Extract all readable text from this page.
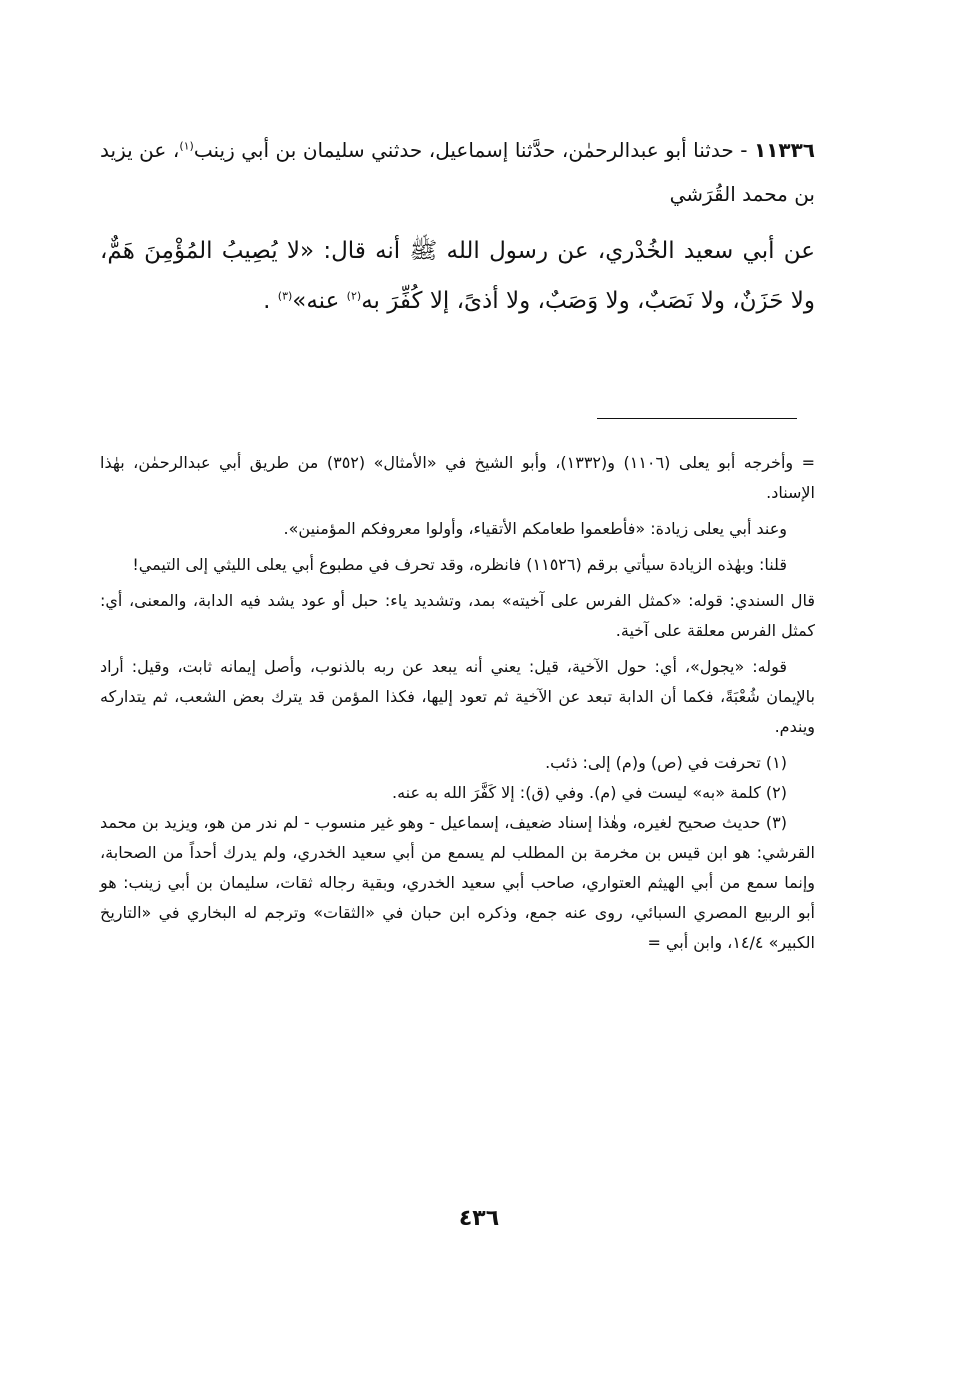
١١٣٣٦ - حدثنا أبو عبدالرحمٰن، حدَّثنا إسماعيل، حدثني سليمان بن أبي زينب$^{(١)}$، عن يزيد بن محمد القُرَشي

عن أبي سعيد الخُدْري، عن رسول الله ﷺ أنه قال: «لا يُصِيبُ المُؤْمِنَ هَمٌّ، ولا حَزَنٌ، ولا نَصَبٌ، ولا وَصَبٌ، ولا أذىً، إلا كُفِّرَ به$^{(٢)}$ عنه»$^{(٣)}$ .

= وأخرجه أبو يعلى (١١٠٦) و(١٣٣٢)، وأبو الشيخ في «الأمثال» (٣٥٢) من طريق أبي عبدالرحمٰن، بهٰذا الإسناد.

وعند أبي يعلى زيادة: «فأطعموا طعامكم الأتقياء، وأولوا معروفكم المؤمنين».

قلنا: وبهٰذه الزيادة سيأتي برقم (١١٥٢٦) فانظره، وقد تحرف في مطبوع أبي يعلى الليثي إلى التيمي!

قال السندي: قوله: «كمثل الفرس على آخيته» بمد، وتشديد ياء: حبل أو عود يشد فيه الدابة، والمعنى، أي: كمثل الفرس معلقة على آخية.

قوله: «يجول»، أي: حول الآخية، قيل: يعني أنه يبعد عن ربه بالذنوب، وأصل إيمانه ثابت، وقيل: أراد بالإيمان شُعْبَةً، فكما أن الدابة تبعد عن الآخية ثم تعود إليها، فكذا المؤمن قد يترك بعض الشعب، ثم يتداركه ويندم.

(١) تحرفت في (ص) و(م) إلى: ذئب.

(٢) كلمة «به» ليست في (م). وفي (ق): إلا كَفَّرَ الله به عنه.

(٣) حديث صحيح لغيره، وهٰذا إسناد ضعيف، إسماعيل - وهو غير منسوب - لم ندر من هو، ويزيد بن محمد القرشي: هو ابن قيس بن مخرمة بن المطلب لم يسمع من أبي سعيد الخدري، ولم يدرك أحداً من الصحابة، وإنما سمع من أبي الهيثم العتواري، صاحب أبي سعيد الخدري، وبقية رجاله ثقات، سليمان بن أبي زينب: هو أبو الربيع المصري السبائي، روى عنه جمع، وذكره ابن حبان في «الثقات» وترجم له البخاري في «التاريخ الكبير» ١٤/٤، وابن أبي =

٤٣٦
